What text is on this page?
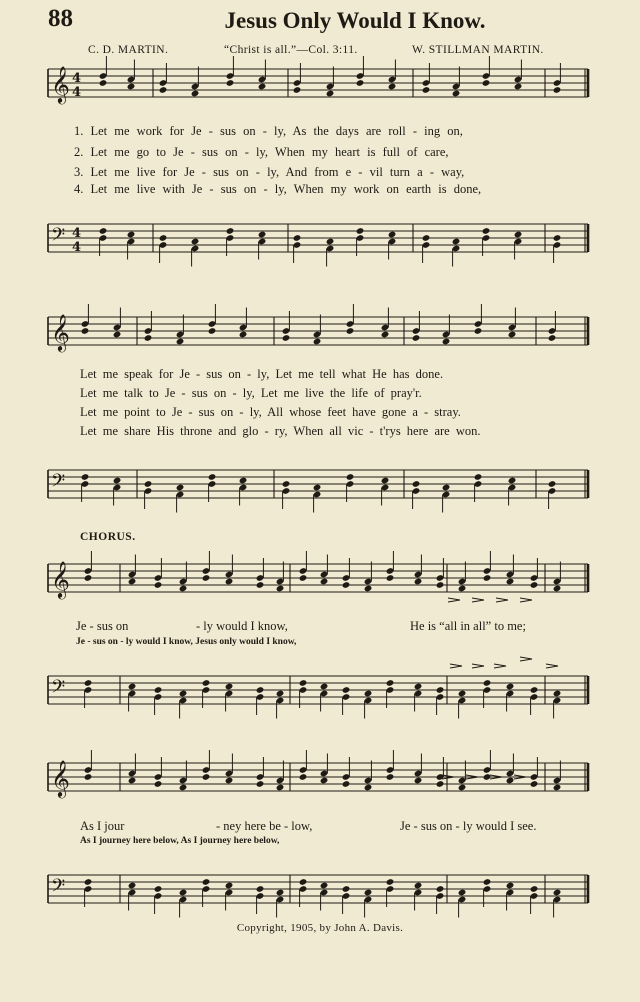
88	Jesus Only Would I Know.
C. D. MARTIN.	“Christ is all.”—Col. 3:11.	W. STILLMAN MARTIN.
𝄞 4
4
𝄢 4
4
𝄞
𝄢
𝄞
𝄢
𝄞
𝄢
1. Let me work for Je - sus on - ly, As the days are roll - ing on,
2. Let me go to Je - sus on - ly, When my heart is full of care,
3. Let me live for Je - sus on - ly, And from e - vil turn a - way,
4. Let me live with Je - sus on - ly, When my work on earth is done,
Let me speak for Je - sus on - ly, Let me tell what He has done.
Let me talk to Je - sus on - ly, Let me live the life of pray'r.
Let me point to Je - sus on - ly, All whose feet have gone a - stray.
Let me share His throne and glo - ry, When all vic - t'rys here are won.
CHORUS.
Je - sus on	- ly would I know,	He is “all in all” to me;
Je - sus on - ly would I know, Jesus only would I know,
As I jour	- ney here be - low,	Je - sus on - ly would I see.
As I journey here below, As I journey here below,
Copyright, 1905, by John A. Davis.
